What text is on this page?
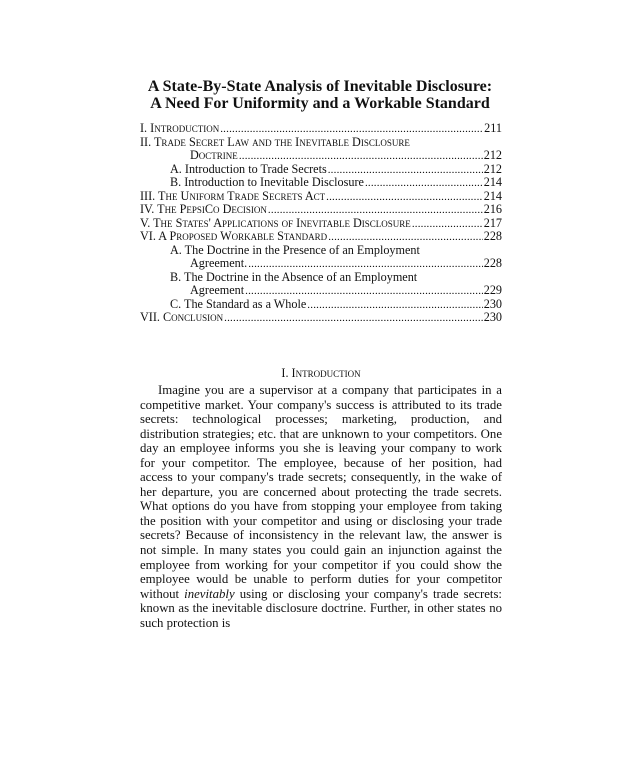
A State-By-State Analysis of Inevitable Disclosure:
A Need For Uniformity and a Workable Standard
I. Introduction .....	211
II. Trade Secret Law and the Inevitable Disclosure
Doctrine .....	212
A. Introduction to Trade Secrets .....	212
B. Introduction to Inevitable Disclosure .....	214
III. The Uniform Trade Secrets Act .....	214
IV. The PepsiCo Decision .....	216
V. The States' Applications of Inevitable Disclosure .....	217
VI. A Proposed Workable Standard .....	228
A. The Doctrine in the Presence of an Employment
Agreement. .....	228
B. The Doctrine in the Absence of an Employment
Agreement .....	229
C. The Standard as a Whole .....	230
VII. Conclusion .....	230
I. Introduction

Imagine you are a supervisor at a company that participates in a competitive market. Your company's success is attributed to its trade secrets: technological processes; marketing, production, and distribution strategies; etc. that are unknown to your competitors. One day an employee informs you she is leaving your company to work for your competitor. The employee, because of her position, had access to your company's trade secrets; consequently, in the wake of her departure, you are concerned about protecting the trade secrets. What options do you have from stopping your employee from taking the position with your competitor and using or disclosing your trade secrets? Because of inconsistency in the relevant law, the answer is not simple. In many states you could gain an injunction against the employee from working for your competitor if you could show the employee would be unable to perform duties for your competitor without inevitably using or disclosing your company's trade secrets: known as the inevitable disclosure doctrine. Further, in other states no such protection is
